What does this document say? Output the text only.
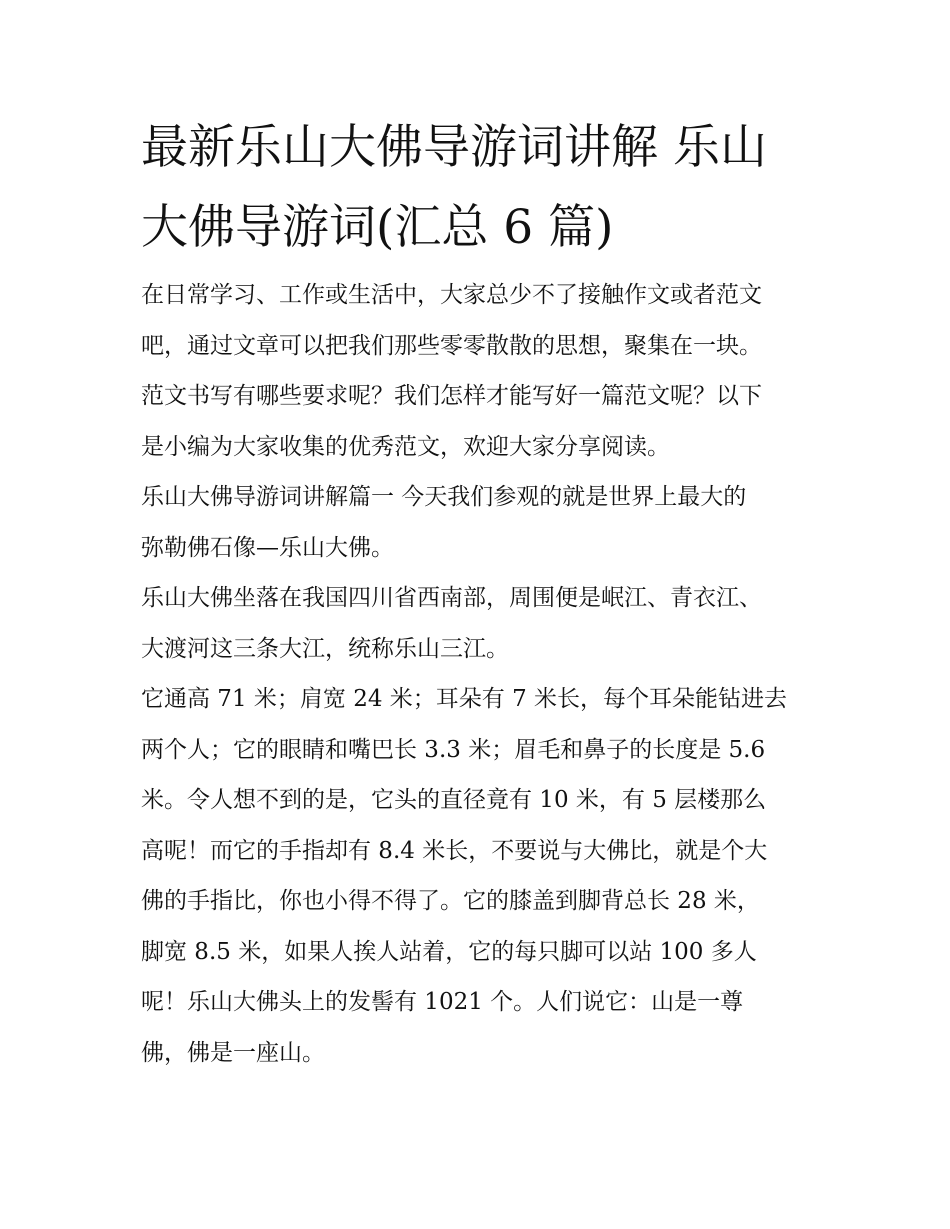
最新乐山大佛导游词讲解 乐山
大佛导游词(汇总 6 篇)

在日常学习、工作或生活中，大家总少不了接触作文或者范文
吧，通过文章可以把我们那些零零散散的思想，聚集在一块。
范文书写有哪些要求呢？我们怎样才能写好一篇范文呢？以下
是小编为大家收集的优秀范文，欢迎大家分享阅读。

乐山大佛导游词讲解篇一 今天我们参观的就是世界上最大的
弥勒佛石像—乐山大佛。

乐山大佛坐落在我国四川省西南部，周围便是岷江、青衣江、
大渡河这三条大江，统称乐山三江。

它通高 71 米；肩宽 24 米；耳朵有 7 米长，每个耳朵能钻进去
两个人；它的眼睛和嘴巴长 3.3 米；眉毛和鼻子的长度是 5.6
米。令人想不到的是，它头的直径竟有 10 米，有 5 层楼那么
高呢！而它的手指却有 8.4 米长，不要说与大佛比，就是个大
佛的手指比，你也小得不得了。它的膝盖到脚背总长 28 米，
脚宽 8.5 米，如果人挨人站着，它的每只脚可以站 100 多人
呢！乐山大佛头上的发髻有 1021 个。人们说它：山是一尊
佛，佛是一座山。
